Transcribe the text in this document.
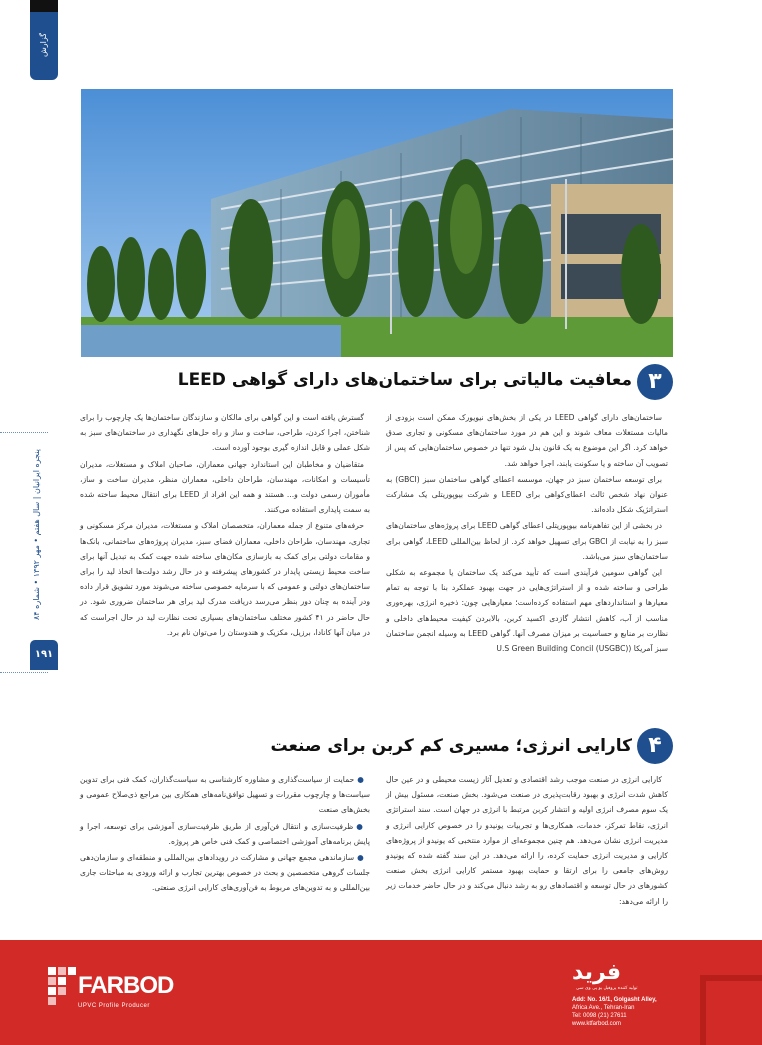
گزارش
پنجره ایرانیان | سال هفتم • مهر ۱۳۹۲ • شماره ۸۴
۱۹۱
۳
معافیت مالیاتی برای ساختمان‌های دارای گواهی LEED

ساختمان‌های دارای گواهی LEED در یکی از بخش‌های نیویورک ممکن است بزودی از مالیات مستغلات معاف شوند و این هم در مورد ساختمان‌های مسکونی و تجاری صدق خواهد کرد. اگر این موضوع به یک قانون بدل شود تنها در خصوص ساختمان‌هایی که پس از تصویب آن ساخته و یا سکونت یابند، اجرا خواهد شد.

برای توسعه ساختمان سبز در جهان، موسسه اعطای گواهی ساختمان سبز (GBCI) به عنوان نهاد شخص ثالث اعطای‌کواهی برای LEED و شرکت بیوپوریتلی یک مشارکت استراتژیک شکل داده‌اند.

در بخشی از این تفاهم‌نامه بیوپوریتلی اعطای گواهی LEED برای پروژه‌های ساختمان‌های سبز را به نیابت از GBCI برای تسهیل خواهد کرد. از لحاظ بین‌المللی LEED، گواهی برای ساختمان‌های سبز می‌باشد.

این گواهی سومین فرآیندی است که تأیید می‌کند یک ساختمان یا مجموعه به شکلی طراحی و ساخته شده و از استراتژی‌هایی در جهت بهبود عملکرد بنا با توجه به تمام معیارها و استانداردهای مهم استفاده کرده‌است؛ معیارهایی چون: ذخیره انرژی، بهره‌وری مناسب از آب، کاهش انتشار گازدی اکسید کربن، بالابردن کیفیت محیط‌های داخلی و نظارت بر منابع و حساسیت بر میزان مصرف آنها. گواهی LEED به وسیله انجمن ساختمان سبز آمریکا (U.S Green Building Concil (USGBC)

گسترش یافته است و این گواهی برای مالکان و سازندگان ساختمان‌ها یک چارچوب را برای شناختن، اجرا کردن، طراحی، ساخت و ساز و راه حل‌های نگهداری در ساختمان‌های سبز به شکل عملی و قابل اندازه گیری بوجود آورده است.

متقاضیان و مخاطبان این استاندارد جهانی معماران، صاحبان املاک و مستغلات، مدیران تأسیسات و امکانات، مهندسان، طراحان داخلی، معماران منظر، مدیران ساخت و ساز، مأموران رسمی دولت و... هستند و همه این افراد از LEED برای انتقال محیط ساخته شده به سمت پایداری استفاده می‌کنند.

حرفه‌های متنوع از جمله معماران، متخصصان املاک و مستغلات، مدیران مرکز مسکونی و تجاری، مهندسان، طراحان داخلی، معماران فضای سبز، مدیران پروژه‌های ساختمانی، بانک‌ها و مقامات دولتی برای کمک به بازسازی مکان‌های ساخته شده جهت کمک به تبدیل آنها برای ساخت محیط زیستی پایدار در کشورهای پیشرفته و در حال رشد دولت‌ها اتخاذ لید را برای ساختمان‌های دولتی و عمومی که با سرمایه خصوصی ساخته می‌شوند مورد تشویق قرار داده ودر آینده به چنان دور بنظر می‌رسد دریافت مدرک لید برای هر ساختمان ضروری شود. در حال حاضر در ۴۱ کشور مختلف ساختمان‌های بسیاری تحت نظارت لید در حال اجراست که در میان آنها کانادا، برزیل، مکزیک و هندوستان را می‌توان نام برد.

۴
کارایی انرژی؛ مسیری کم کربن برای صنعت

کارایی انرژی در صنعت موجب رشد اقتصادی و تعدیل آثار زیست محیطی و در عین حال کاهش شدت انرژی و بهبود رقابت‌پذیری در صنعت می‌شود. بخش صنعت، مسئول بیش از یک سوم مصرف انرژی اولیه و انتشار کربن مرتبط با انرژی در جهان است. سند استراتژی انرژی، نقاط تمرکز، خدمات، همکاری‌ها و تجربیات یونیدو را در خصوص کارایی انرژی و مدیریت انرژی نشان می‌دهد. هم چنین مجموعه‌ای از موارد منتخبی که یونیدو از پروژه‌های کارایی و مدیریت انرژی حمایت کرده، را ارائه می‌دهد. در این سند گفته شده که یونیدو روش‌های جامعی را برای ارتقا و حمایت بهبود مستمر کارایی انرژی بخش صنعت کشورهای در حال توسعه و اقتصادهای رو به رشد دنبال می‌کند و در حال حاضر خدمات زیر را ارائه می‌دهد:

●حمایت از سیاست‌گذاری و مشاوره کارشناسی به سیاست‌گذاران، کمک فنی برای تدوین سیاست‌ها و چارچوب مقررات و تسهیل توافق‌نامه‌های همکاری بین مراجع ذی‌صلاح عمومی و بخش‌های صنعت

●ظرفیت‌سازی و انتقال فن‌آوری از طریق ظرفیت‌سازی آموزشی برای توسعه، اجرا و پایش برنامه‌های آموزشی اختصاصی و کمک فنی خاص هر پروژه.

●سازماندهی مجمع جهانی و مشارکت در رویدادهای بین‌المللی و منطقه‌ای و سازمان‌دهی جلسات گروهی متخصصین و بحث در خصوص بهترین تجارب و ارائه ورودی به مباحثات جاری بین‌المللی و به تدوین‌های مربوط به فن‌آوری‌های کارایی انرژی صنعتی.

FARBOD
UPVC Profile Producer
فرید
تولید کننده پروفیل یو پی وی سی
Add: No. 16/1, Golgasht Alley,
Africa Ave., Tehran-Iran
Tel: 0098 (21) 27611
www.ktfarbod.com
